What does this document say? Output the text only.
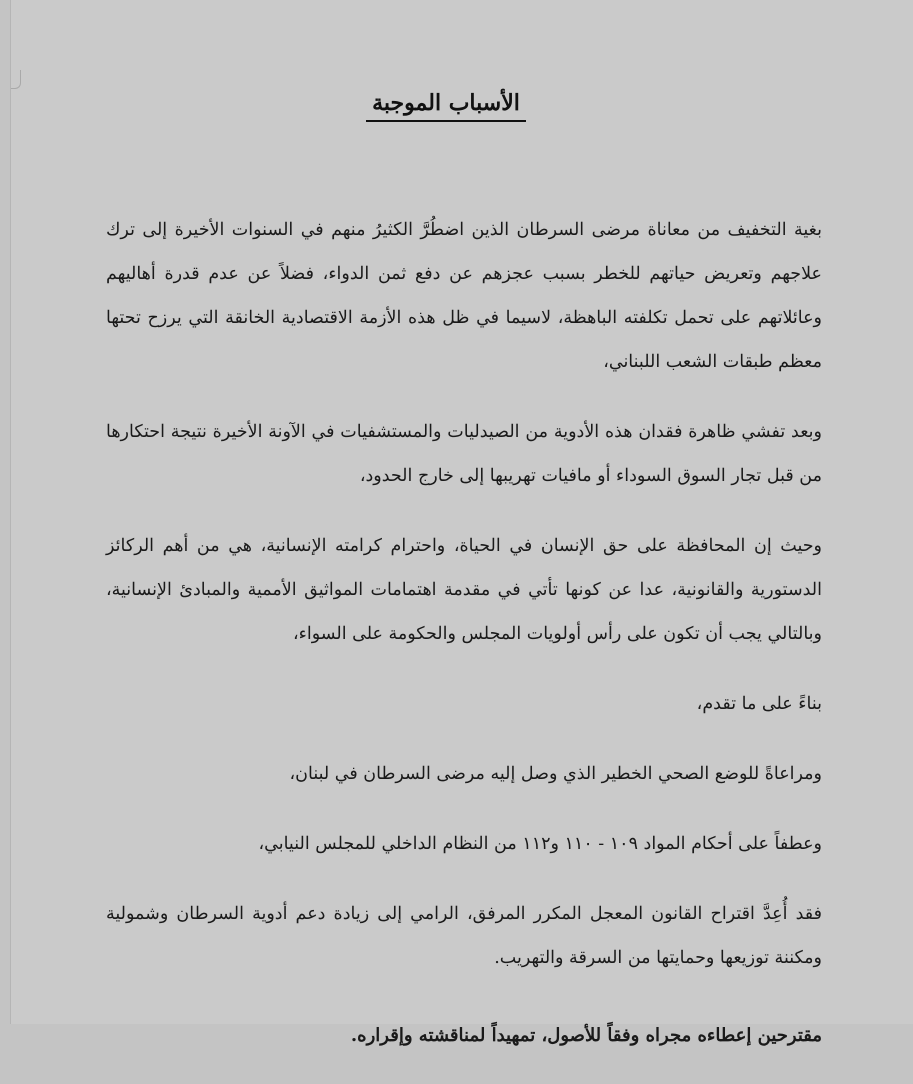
الأسباب الموجبة

بغية التخفيف من معاناة مرضى السرطان الذين اضطُرَّ الكثيرُ منهم في السنوات الأخيرة إلى ترك علاجهم وتعريض حياتهم للخطر بسبب عجزهم عن دفع ثمن الدواء، فضلاً عن عدم قدرة أهاليهم وعائلاتهم على تحمل تكلفته الباهظة، لاسيما في ظل هذه الأزمة الاقتصادية الخانقة التي يرزح تحتها معظم طبقات الشعب اللبناني،

وبعد تفشي ظاهرة فقدان هذه الأدوية من الصيدليات والمستشفيات في الآونة الأخيرة نتيجة احتكارها من قبل تجار السوق السوداء أو مافيات تهريبها إلى خارج الحدود،

وحيث إن المحافظة على حق الإنسان في الحياة، واحترام كرامته الإنسانية، هي من أهم الركائز الدستورية والقانونية، عدا عن كونها تأتي في مقدمة اهتمامات المواثيق الأممية والمبادئ الإنسانية، وبالتالي يجب أن تكون على رأس أولويات المجلس والحكومة على السواء،

بناءً على ما تقدم،

ومراعاةً للوضع الصحي الخطير الذي وصل إليه مرضى السرطان في لبنان،

وعطفاً على أحكام المواد ١٠٩ - ١١٠ و١١٢ من النظام الداخلي للمجلس النيابي،

فقد أُعِدَّ اقتراح القانون المعجل المكرر المرفق، الرامي إلى زيادة دعم أدوية السرطان وشمولية ومكننة توزيعها وحمايتها من السرقة والتهريب.

مقترحين إعطاءه مجراه وفقاً للأصول، تمهيداً لمناقشته وإقراره.
